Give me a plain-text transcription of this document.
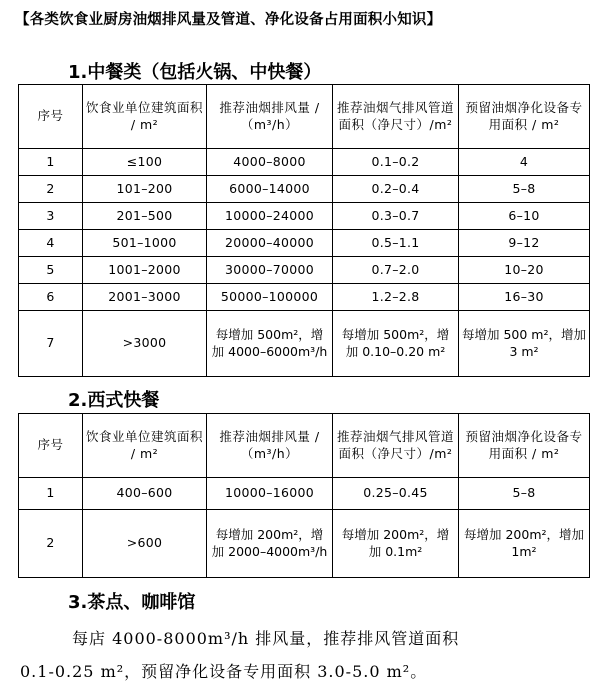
【各类饮食业厨房油烟排风量及管道、净化设备占用面积小知识】
1.中餐类（包括火锅、中快餐）
序号	饮食业单位建筑面积 / m²	推荐油烟排风量 /（m³/h）	推荐油烟气排风管道面积（净尺寸）/m²	预留油烟净化设备专用面积 / m²
1	≤100	4000–8000	0.1–0.2	4
2	101–200	6000–14000	0.2–0.4	5–8
3	201–500	10000–24000	0.3–0.7	6–10
4	501–1000	20000–40000	0.5–1.1	9–12
5	1001–2000	30000–70000	0.7–2.0	10–20
6	2001–3000	50000–100000	1.2–2.8	16–30
7	>3000	每增加 500m²，增加 4000–6000m³/h	每增加 500m²，增加 0.10–0.20 m²	每增加 500 m²，增加 3 m²
2.西式快餐
序号	饮食业单位建筑面积 / m²	推荐油烟排风量 /（m³/h）	推荐油烟气排风管道面积（净尺寸）/m²	预留油烟净化设备专用面积 / m²
1	400–600	10000–16000	0.25–0.45	5–8
2	>600	每增加 200m²，增加 2000–4000m³/h	每增加 200m²，增加 0.1m²	每增加 200m²，增加 1m²
3.茶点、咖啡馆
每店 4000-8000m³/h 排风量，推荐排风管道面积
0.1-0.25 m²，预留净化设备专用面积 3.0-5.0 m²。
